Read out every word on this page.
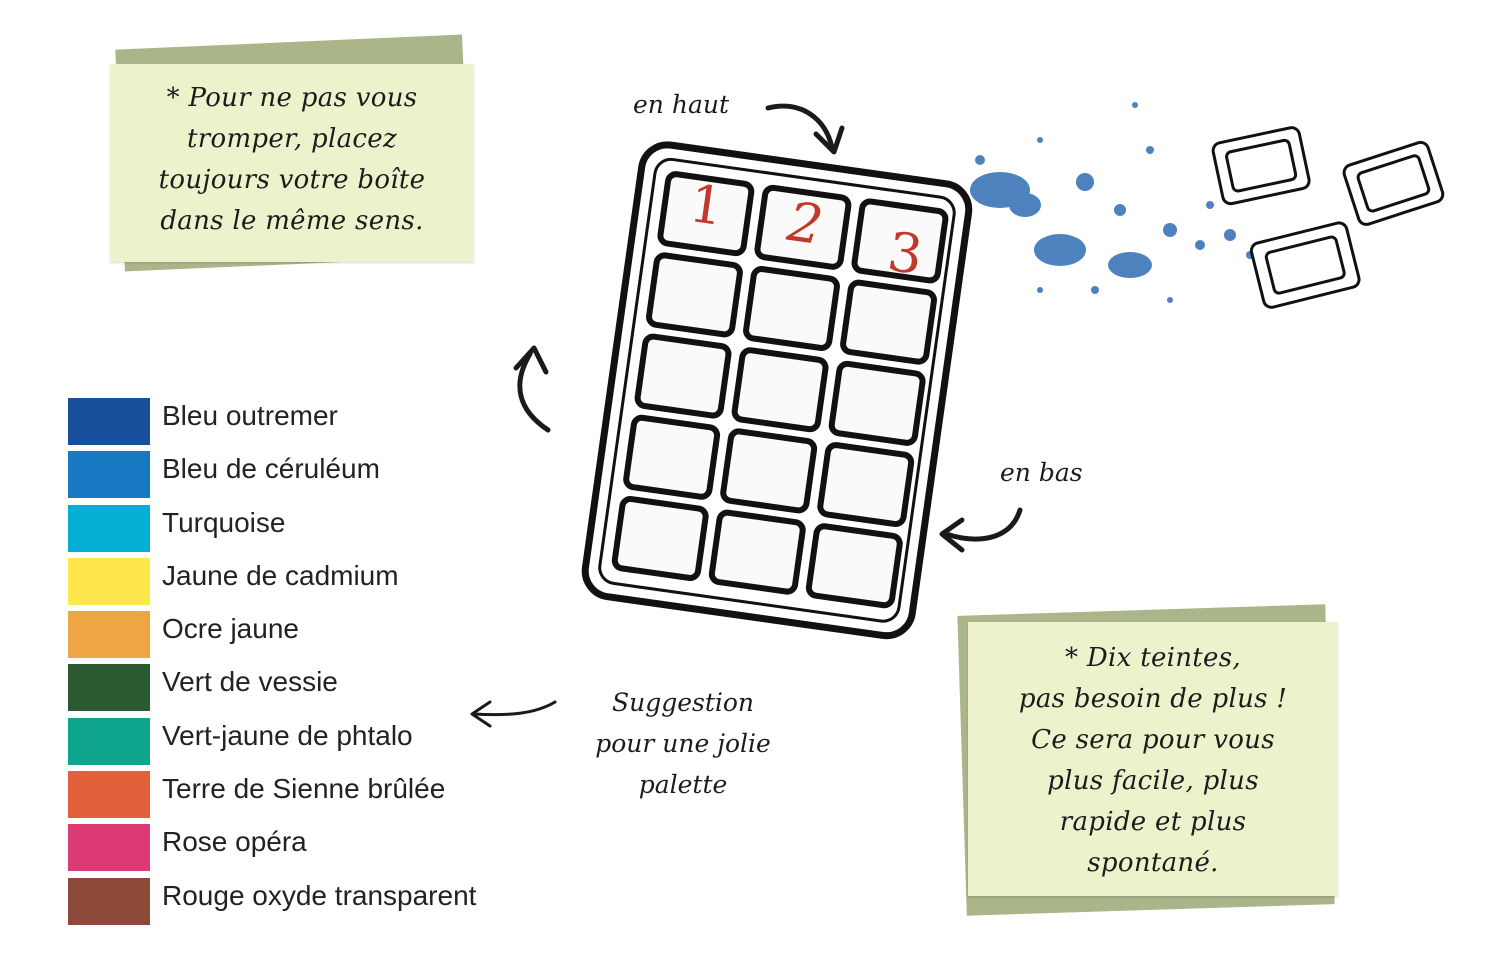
* Pour ne pas vous
tromper, placez
toujours votre boîte
dans le même sens.
* Dix teintes,
pas besoin de plus !
Ce sera pour vous
plus facile, plus
rapide et plus
spontané.
en haut
en bas
Suggestion
pour une jolie
palette
1 2 3
Bleu outremer
Bleu de céruléum
Turquoise
Jaune de cadmium
Ocre jaune
Vert de vessie
Vert-jaune de phtalo
Terre de Sienne brûlée
Rose opéra
Rouge oxyde transparent
